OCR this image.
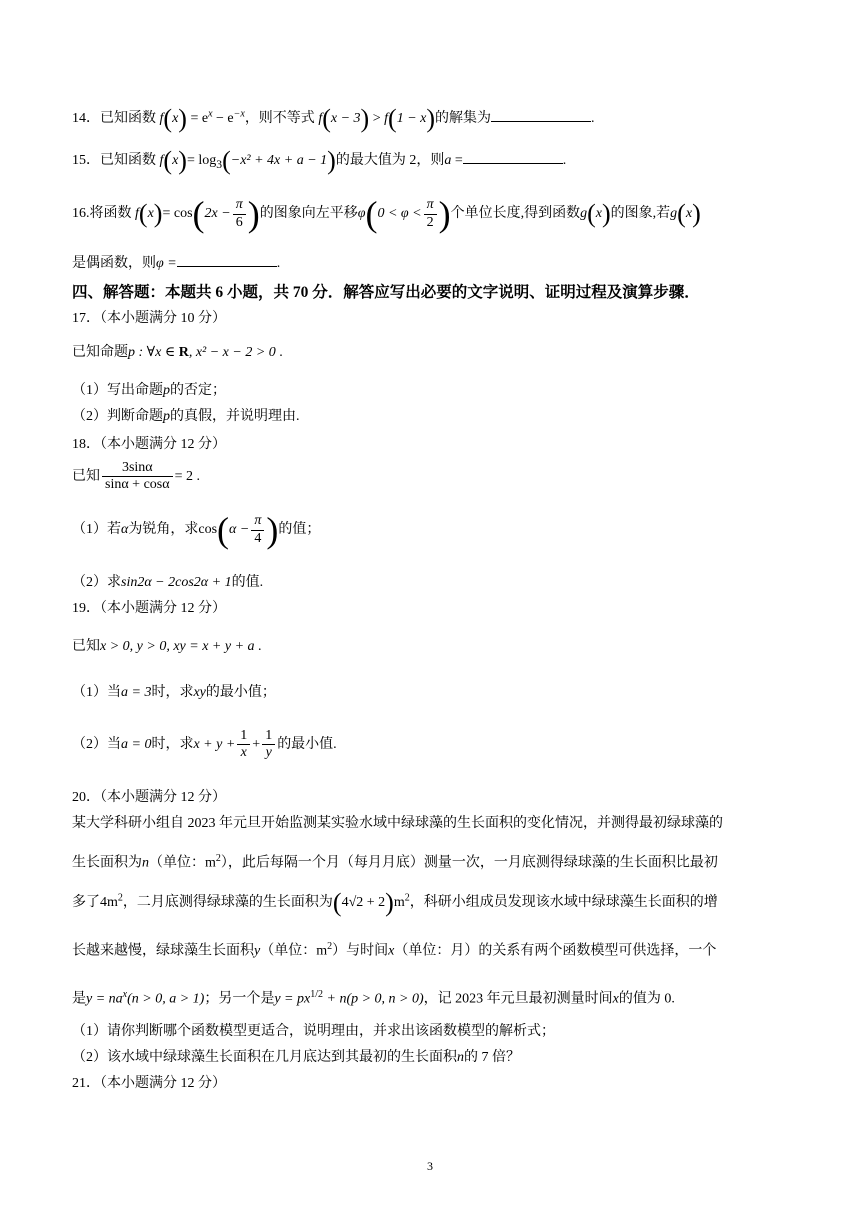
14．已知函数 $f(x) = e^x - e^{-x}$，则不等式 f(x − 3) > f(1 − x)的解集为	.
15．已知函数 $f(x)= \log_3(-x^2 + 4x + a - 1)$的最大值为 2，则a =	.
16.将函数 $f(x)= \cos(2x - \frac{\pi}{6}$ )的图象向左平移$\varphi(0 < \varphi < \frac{\pi}{2}$ )个单位长度,得到函数g(x)的图象,若g(x)
是偶函数，则φ =	.
四、解答题：本题共 6 小题，共 70 分．解答应写出必要的文字说明、证明过程及演算步骤．
17．（本小题满分 10 分）
已知命题p : ∀x ∈ R, x² − x − 2 > 0 .
（1）写出命题p的否定；
（2）判断命题p的真假，并说明理由.
18．（本小题满分 12 分）
已知 $\frac{3\sin\alpha}{\sin\alpha + \cos\alpha} = 2$ .
（1）若α为锐角，求$\cos(\alpha - \frac{\pi}{4}$ )的值；
（2）求sin2α − 2cos2α + 1的值.
19．（本小题满分 12 分）
已知x > 0, y > 0, xy = x + y + a .
（1）当a = 3时，求xy的最小值；
（2）当a = 0时，求$x + y + \frac{1}{x} + \frac{1}{y}$ 的最小值.
20．（本小题满分 12 分）
某大学科研小组自 2023 年元旦开始监测某实验水域中绿球藻的生长面积的变化情况，并测得最初绿球藻的
生长面积为n（单位：$m^2$），此后每隔一个月（每月月底）测量一次，一月底测得绿球藻的生长面积比最初
多了$4m^2$，二月底测得绿球藻的生长面积为$(4√2 + 2)m^2$，科研小组成员发现该水域中绿球藻生长面积的增
长越来越慢，绿球藻生长面积y（单位：$m^2$）与时间x（单位：月）的关系有两个函数模型可供选择，一个
是$y = na^x(n > 0$, a > 1)；另一个是$y = px^{1/2} + n(p > 0$, n > 0)，记 2023 年元旦最初测量时间x的值为 0.
（1）请你判断哪个函数模型更适合，说明理由，并求出该函数模型的解析式；
（2）该水域中绿球藻生长面积在几月底达到其最初的生长面积n的 7 倍？
21．（本小题满分 12 分）
3
